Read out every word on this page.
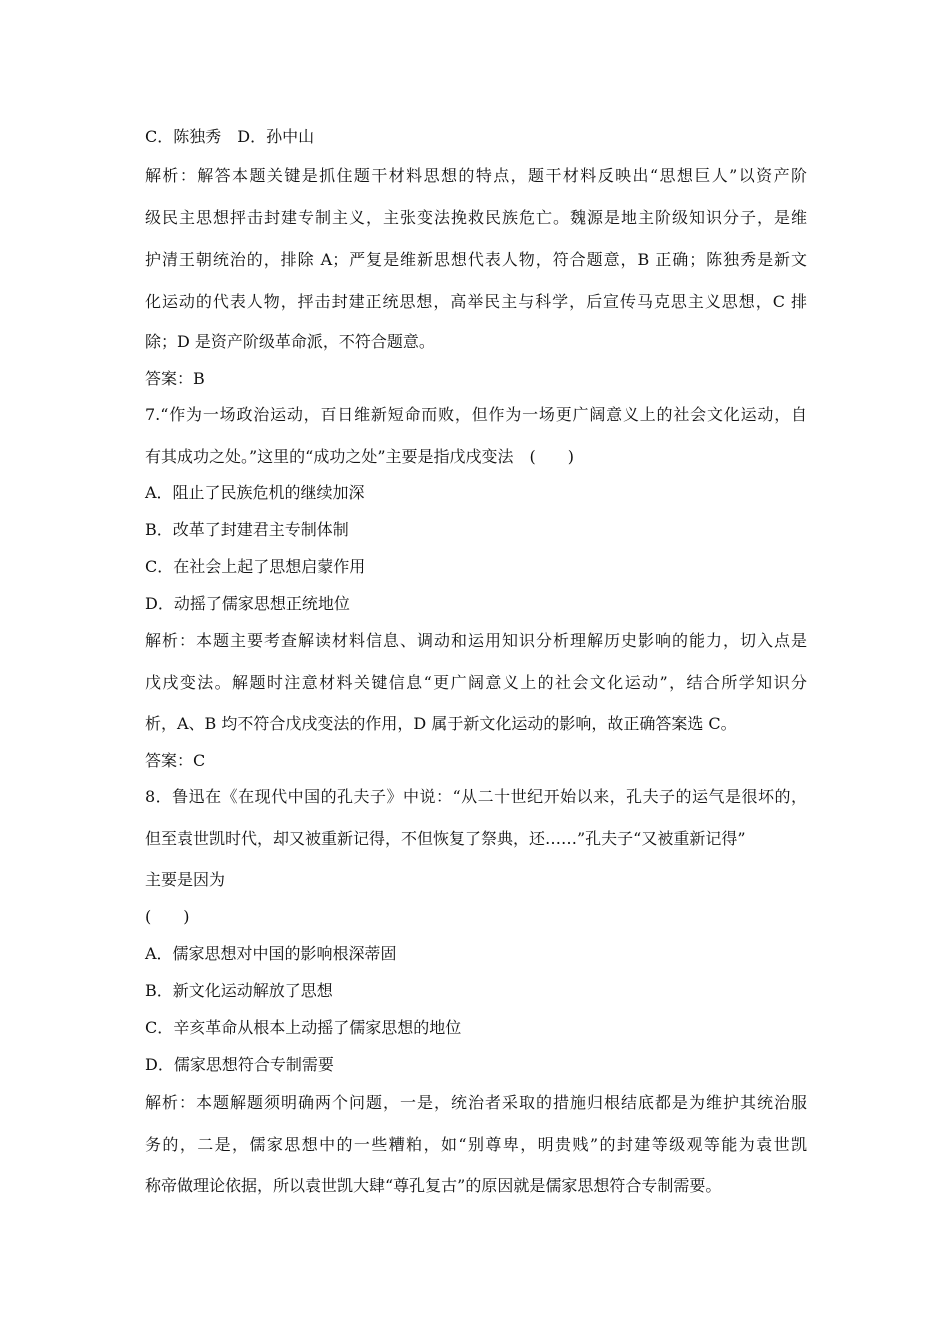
C．陈独秀 D．孙中山
解析：解答本题关键是抓住题干材料思想的特点，题干材料反映出“思想巨人”以资产阶
级民主思想抨击封建专制主义，主张变法挽救民族危亡。魏源是地主阶级知识分子，是维
护清王朝统治的，排除 A；严复是维新思想代表人物，符合题意，B 正确；陈独秀是新文
化运动的代表人物，抨击封建正统思想，高举民主与科学，后宣传马克思主义思想，C 排
除；D 是资产阶级革命派，不符合题意。
答案：B
7.“作为一场政治运动，百日维新短命而败，但作为一场更广阔意义上的社会文化运动，自
有其成功之处。”这里的“成功之处”主要是指戊戌变法　(　　)
A．阻止了民族危机的继续加深
B．改革了封建君主专制体制
C．在社会上起了思想启蒙作用
D．动摇了儒家思想正统地位
解析：本题主要考查解读材料信息、调动和运用知识分析理解历史影响的能力，切入点是
戊戌变法。解题时注意材料关键信息“更广阔意义上的社会文化运动”，结合所学知识分
析，A、B 均不符合戊戌变法的作用，D 属于新文化运动的影响，故正确答案选 C。
答案：C
8．鲁迅在《在现代中国的孔夫子》中说：“从二十世纪开始以来，孔夫子的运气是很坏的，
但至袁世凯时代，却又被重新记得，不但恢复了祭典，还……”孔夫子“又被重新记得”
主要是因为
(　　)
A．儒家思想对中国的影响根深蒂固
B．新文化运动解放了思想
C．辛亥革命从根本上动摇了儒家思想的地位
D．儒家思想符合专制需要
解析：本题解题须明确两个问题，一是，统治者采取的措施归根结底都是为维护其统治服
务的，二是，儒家思想中的一些糟粕，如“别尊卑，明贵贱”的封建等级观等能为袁世凯
称帝做理论依据，所以袁世凯大肆“尊孔复古”的原因就是儒家思想符合专制需要。
